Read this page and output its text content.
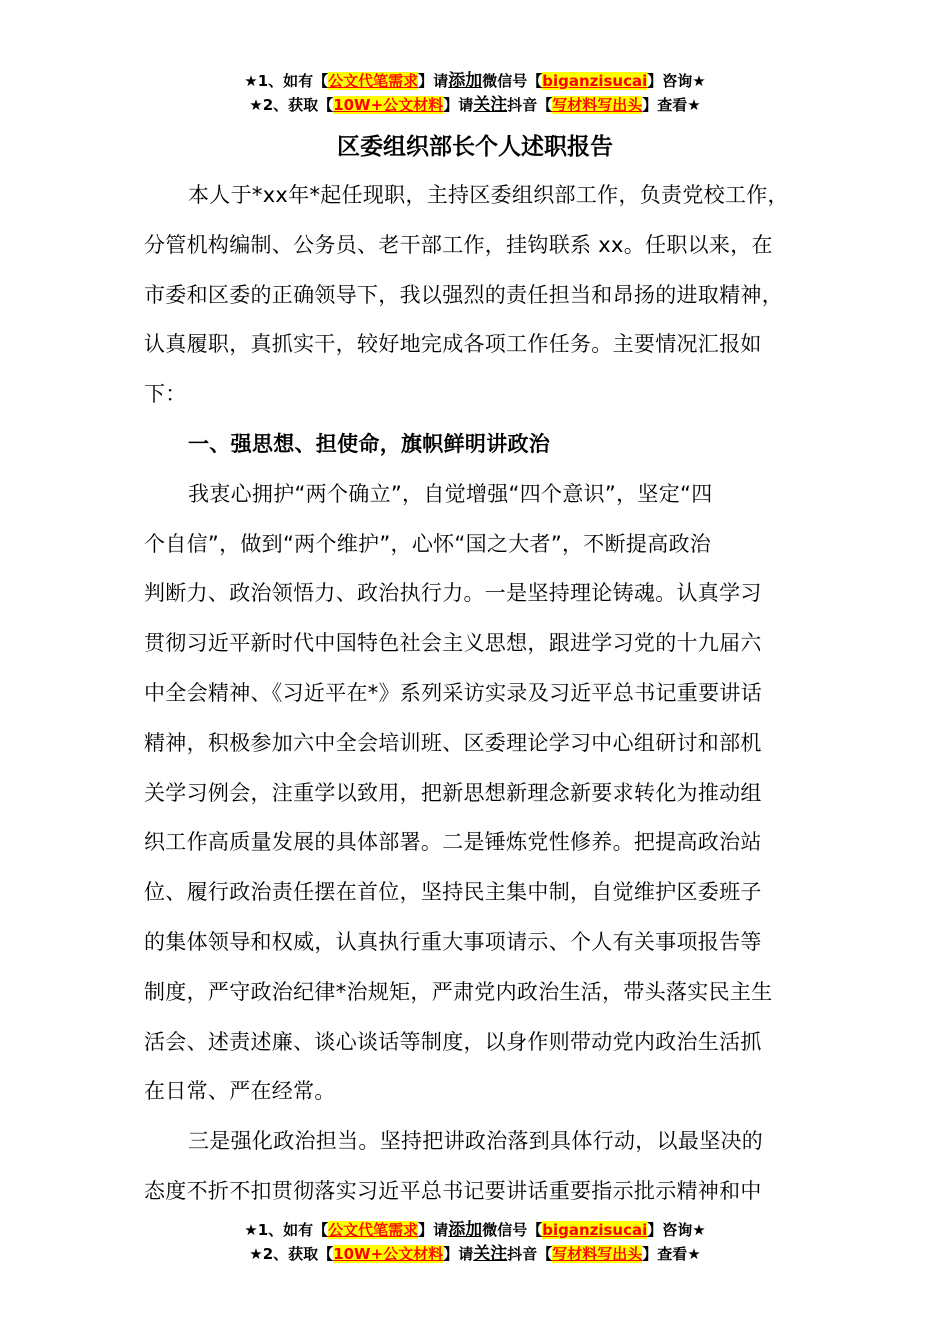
★1、如有【公文代笔需求】请添加微信号【biganzisucai】咨询★
★2、获取【10W+公文材料】请关注抖音【写材料写出头】查看★
区委组织部长个人述职报告
本人于*xx年*起任现职，主持区委组织部工作，负责党校工作，
分管机构编制、公务员、老干部工作，挂钩联系 xx。任职以来，在
市委和区委的正确领导下，我以强烈的责任担当和昂扬的进取精神，
认真履职，真抓实干，较好地完成各项工作任务。主要情况汇报如
下：
一、强思想、担使命，旗帜鲜明讲政治
我衷心拥护“两个确立”，自觉增强“四个意识”，坚定“四
个自信”，做到“两个维护”，心怀“国之大者”，不断提高政治
判断力、政治领悟力、政治执行力。一是坚持理论铸魂。认真学习
贯彻习近平新时代中国特色社会主义思想，跟进学习党的十九届六
中全会精神、《习近平在*》系列采访实录及习近平总书记重要讲话
精神，积极参加六中全会培训班、区委理论学习中心组研讨和部机
关学习例会，注重学以致用，把新思想新理念新要求转化为推动组
织工作高质量发展的具体部署。二是锤炼党性修养。把提高政治站
位、履行政治责任摆在首位，坚持民主集中制，自觉维护区委班子
的集体领导和权威，认真执行重大事项请示、个人有关事项报告等
制度，严守政治纪律*治规矩，严肃党内政治生活，带头落实民主生
活会、述责述廉、谈心谈话等制度，以身作则带动党内政治生活抓
在日常、严在经常。
三是强化政治担当。坚持把讲政治落到具体行动，以最坚决的
态度不折不扣贯彻落实习近平总书记要讲话重要指示批示精神和中
★1、如有【公文代笔需求】请添加微信号【biganzisucai】咨询★
★2、获取【10W+公文材料】请关注抖音【写材料写出头】查看★
